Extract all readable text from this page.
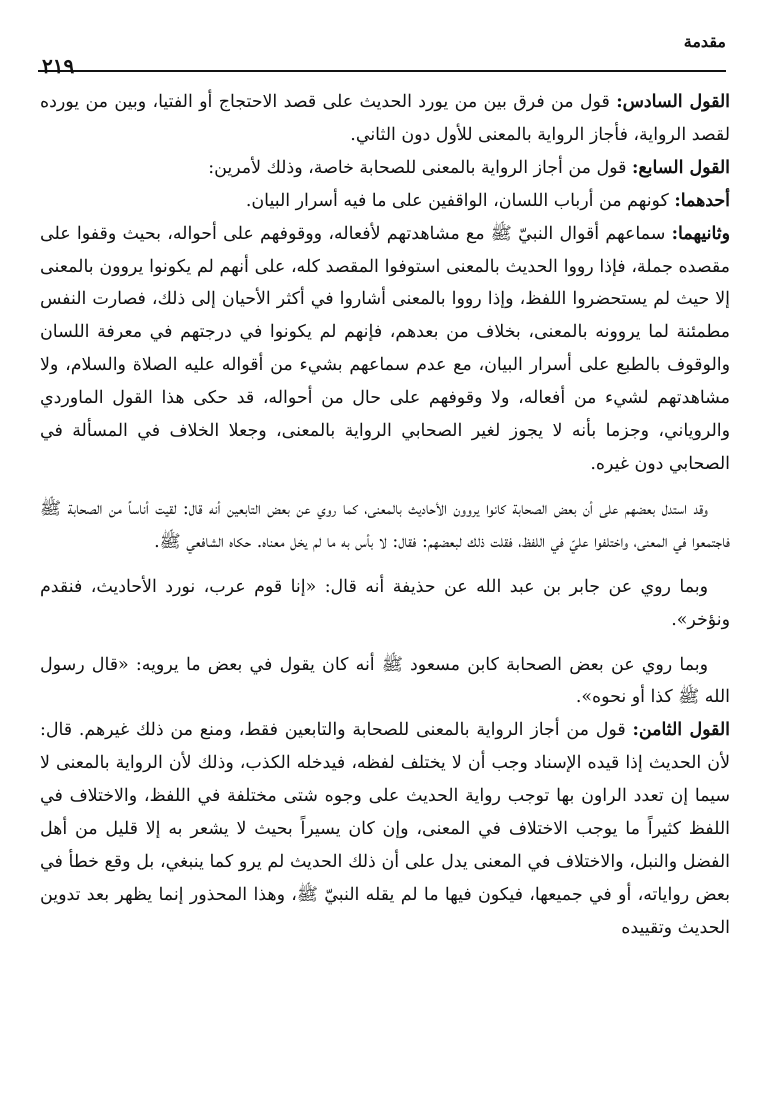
مقدمة
٢١٩

القول السادس: قول من فرق بين من يورد الحديث على قصد الاحتجاج أو الفتيا، وبين من يورده لقصد الرواية، فأجاز الرواية بالمعنى للأول دون الثاني.

القول السابع: قول من أجاز الرواية بالمعنى للصحابة خاصة، وذلك لأمرين:

أحدهما: كونهم من أرباب اللسان، الواقفين على ما فيه أسرار البيان.

وثانيهما: سماعهم أقوال النبيّ ﷺ مع مشاهدتهم لأفعاله، ووقوفهم على أحواله، بحيث وقفوا على مقصده جملة، فإذا رووا الحديث بالمعنى استوفوا المقصد كله، على أنهم لم يكونوا يروون بالمعنى إلا حيث لم يستحضروا اللفظ، وإذا رووا بالمعنى أشاروا في أكثر الأحيان إلى ذلك، فصارت النفس مطمئنة لما يروونه بالمعنى، بخلاف من بعدهم، فإنهم لم يكونوا في درجتهم في معرفة اللسان والوقوف بالطبع على أسرار البيان، مع عدم سماعهم بشيء من أقواله عليه الصلاة والسلام، ولا مشاهدتهم لشيء من أفعاله، ولا وقوفهم على حال من أحواله، قد حكى هذا القول الماوردي والروياني، وجزما بأنه لا يجوز لغير الصحابي الرواية بالمعنى، وجعلا الخلاف في المسألة في الصحابي دون غيره.

وقد استدل بعضهم على أن بعض الصحابة كانوا يروون الأحاديث بالمعنى، كما روي عن بعض التابعين أنه قال: لقيت أناساً من الصحابة ﷺ فاجتمعوا في المعنى، واختلفوا عليّ في اللفظ، فقلت ذلك لبعضهم: فقال: لا بأس به ما لم يخل معناه. حكاه الشافعي ﷺ.

وبما روي عن جابر بن عبد الله عن حذيفة أنه قال: «إنا قوم عرب، نورد الأحاديث، فنقدم ونؤخر».

وبما روي عن بعض الصحابة كابن مسعود ﷺ أنه كان يقول في بعض ما يرويه: «قال رسول الله ﷺ كذا أو نحوه».

القول الثامن: قول من أجاز الرواية بالمعنى للصحابة والتابعين فقط، ومنع من ذلك غيرهم. قال: لأن الحديث إذا قيده الإسناد وجب أن لا يختلف لفظه، فيدخله الكذب، وذلك لأن الرواية بالمعنى لا سيما إن تعدد الراون بها توجب رواية الحديث على وجوه شتى مختلفة في اللفظ، والاختلاف في اللفظ كثيراً ما يوجب الاختلاف في المعنى، وإن كان يسيراً بحيث لا يشعر به إلا قليل من أهل الفضل والنبل، والاختلاف في المعنى يدل على أن ذلك الحديث لم يرو كما ينبغي، بل وقع خطأ في بعض رواياته، أو في جميعها، فيكون فيها ما لم يقله النبيّ ﷺ، وهذا المحذور إنما يظهر بعد تدوين الحديث وتقييده
